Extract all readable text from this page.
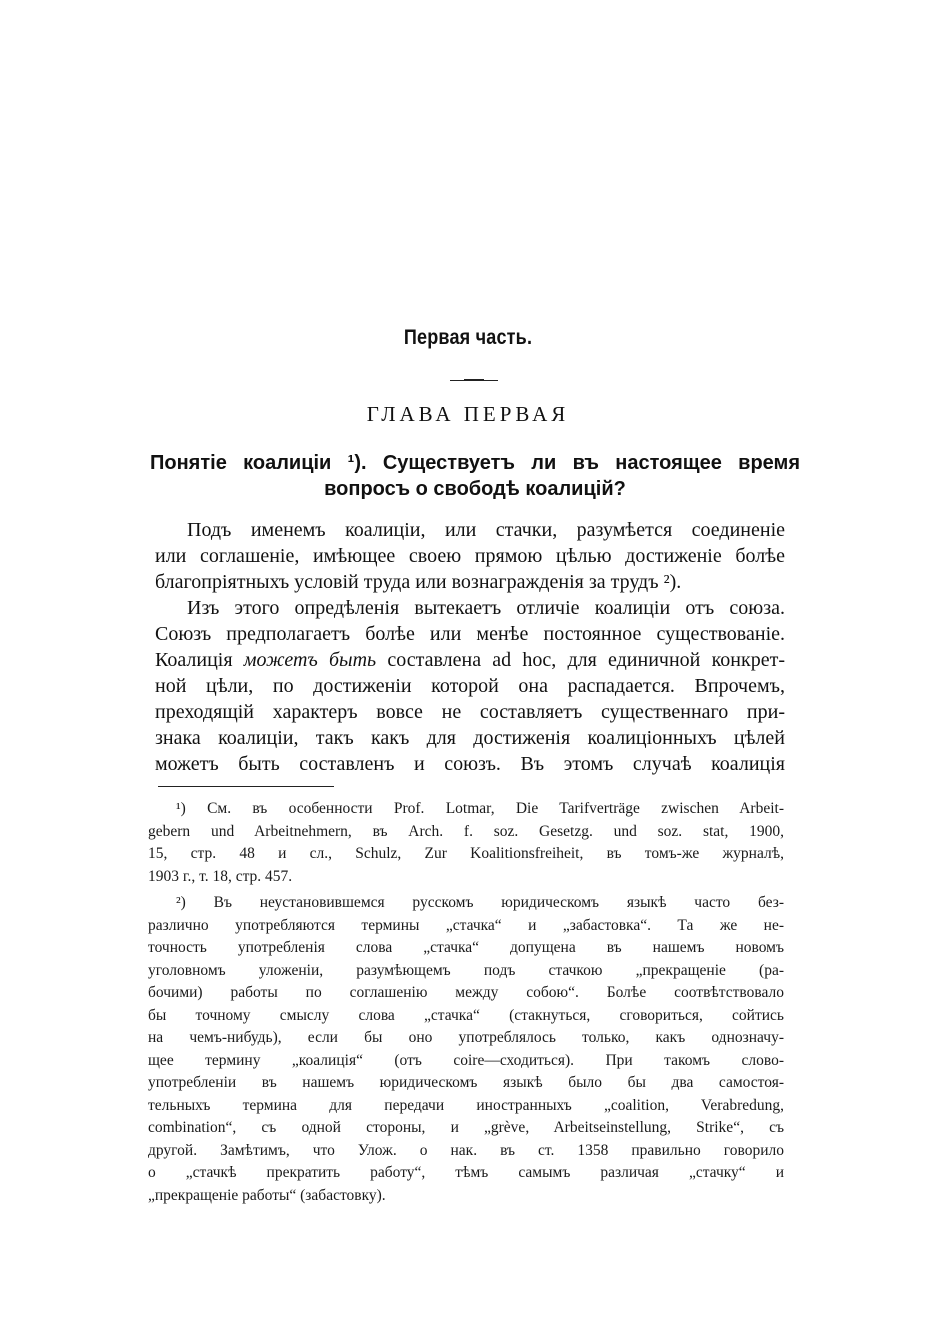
Первая часть.
ГЛАВА ПЕРВАЯ
Понятіе коалиціи ¹). Существуетъ ли въ настоящее время
вопросъ о свободѣ коалицій?
Подъ именемъ коалиціи, или стачки, разумѣется соединеніе
или соглашеніе, имѣющее своею прямою цѣлью достиженіе болѣе
благопріятныхъ условій труда или вознагражденія за трудъ ²).
Изъ этого опредѣленія вытекаетъ отличіе коалиціи отъ союза.
Союзъ предполагаетъ болѣе или менѣе постоянное существованіе.
Коалиція можетъ быть составлена ad hoc, для единичной конкрет-
ной цѣли, по достиженіи которой она распадается. Впрочемъ,
преходящій характеръ вовсе не составляетъ существеннаго при-
знака коалиціи, такъ какъ для достиженія коалиціонныхъ цѣлей
можетъ быть составленъ и союзъ. Въ этомъ случаѣ коалиція
¹) См. въ особенности Prof. Lotmar, Die Tarifverträge zwischen Arbeit-
gebern und Arbeitnehmern, въ Arch. f. soz. Gesetzg. und soz. stat, 1900,
15, стр. 48 и сл., Schulz, Zur Koalitionsfreiheit, въ томъ-же журналѣ,
1903 г., т. 18, стр. 457.
²) Въ неустановившемся русскомъ юридическомъ языкѣ часто без-
различно употребляются термины „стачка“ и „забастовка“. Та же не-
точность употребленія слова „стачка“ допущена въ нашемъ новомъ
уголовномъ уложеніи, разумѣющемъ подъ стачкою „прекращеніе (ра-
бочими) работы по соглашенію между собою“. Болѣе соотвѣтствовало
бы точному смыслу слова „стачка“ (стакнуться, сговориться, сойтись
на чемъ-нибудь), если бы оно употреблялось только, какъ однозначу-
щее термину „коалиція“ (отъ coire—сходиться). При такомъ слово-
употребленіи въ нашемъ юридическомъ языкѣ было бы два самостоя-
тельныхъ термина для передачи иностранныхъ „coalition, Verabredung,
combination“, съ одной стороны, и „grève, Arbeitseinstellung, Strike“, съ
другой. Замѣтимъ, что Улож. о нак. въ ст. 1358 правильно говорило
о „стачкѣ прекратить работу“, тѣмъ самымъ различая „стачку“ и
„прекращеніе работы“ (забастовку).
